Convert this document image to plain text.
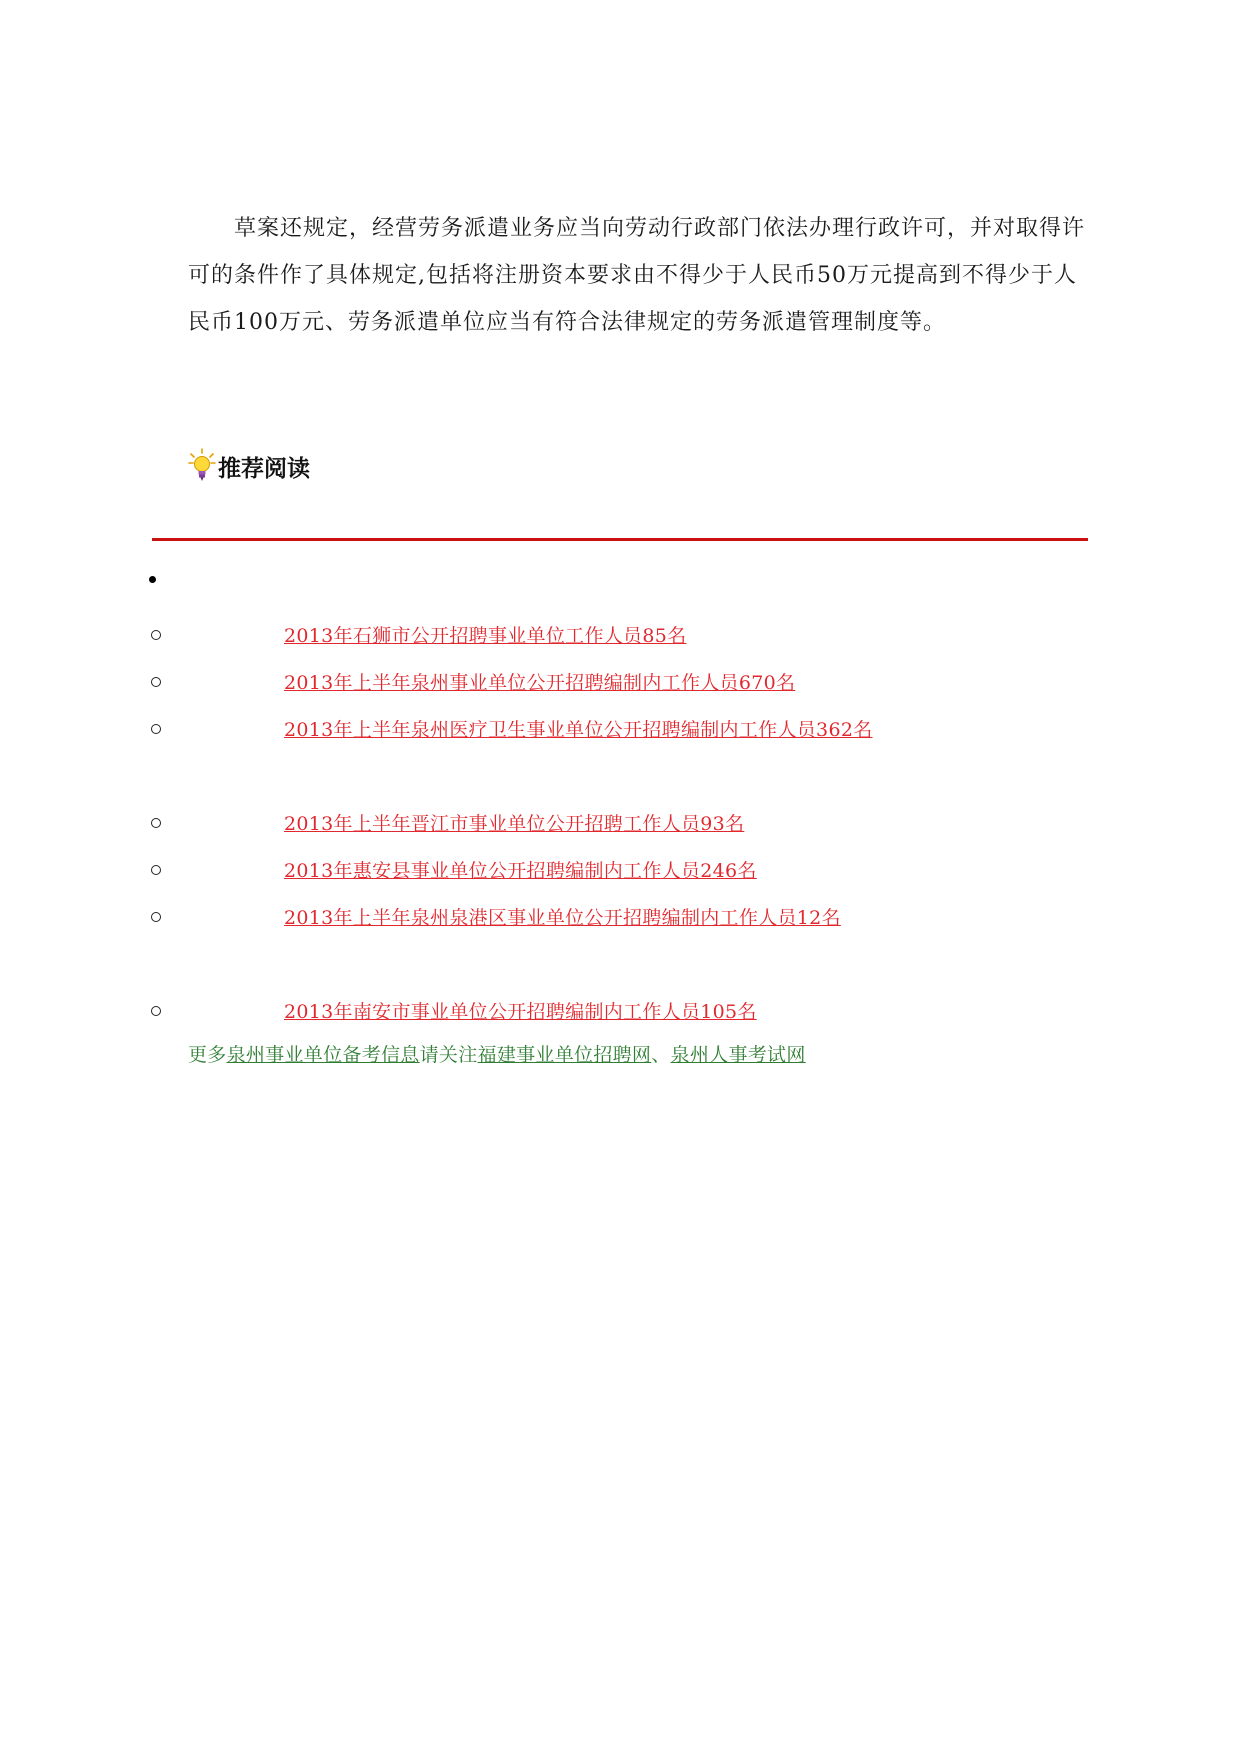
草案还规定，经营劳务派遣业务应当向劳动行政部门依法办理行政许可，并对取得许可的条件作了具体规定,包括将注册资本要求由不得少于人民币50万元提高到不得少于人民币100万元、劳务派遣单位应当有符合法律规定的劳务派遣管理制度等。

推荐阅读
2013年石狮市公开招聘事业单位工作人员85名
2013年上半年泉州事业单位公开招聘编制内工作人员670名
2013年上半年泉州医疗卫生事业单位公开招聘编制内工作人员362名
2013年上半年晋江市事业单位公开招聘工作人员93名
2013年惠安县事业单位公开招聘编制内工作人员246名
2013年上半年泉州泉港区事业单位公开招聘编制内工作人员12名
2013年南安市事业单位公开招聘编制内工作人员105名
更多泉州事业单位备考信息请关注福建事业单位招聘网、泉州人事考试网
